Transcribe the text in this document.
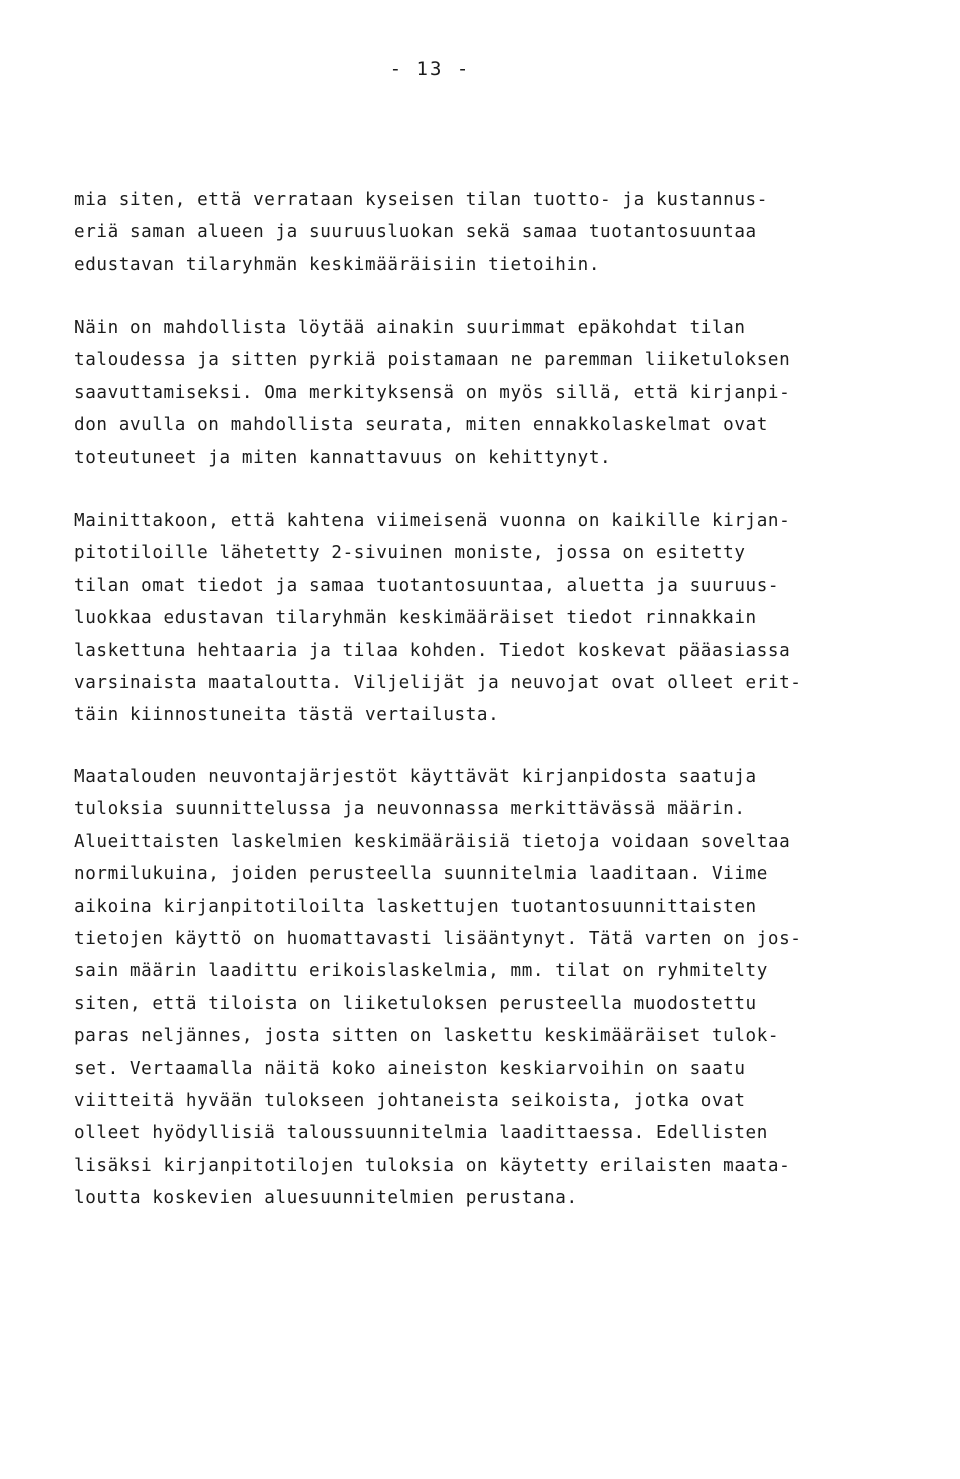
- 13 -
mia siten, että verrataan kyseisen tilan tuotto- ja kustannus-
eriä saman alueen ja suuruusluokan sekä samaa tuotantosuuntaa
edustavan tilaryhmän keskimääräisiin tietoihin.
Näin on mahdollista löytää ainakin suurimmat epäkohdat tilan
taloudessa ja sitten pyrkiä poistamaan ne paremman liiketuloksen
saavuttamiseksi. Oma merkityksensä on myös sillä, että kirjanpi-
don avulla on mahdollista seurata, miten ennakkolaskelmat ovat
toteutuneet ja miten kannattavuus on kehittynyt.
Mainittakoon, että kahtena viimeisenä vuonna on kaikille kirjan-
pitotiloille lähetetty 2-sivuinen moniste, jossa on esitetty
tilan omat tiedot ja samaa tuotantosuuntaa, aluetta ja suuruus-
luokkaa edustavan tilaryhmän keskimääräiset tiedot rinnakkain
laskettuna hehtaaria ja tilaa kohden. Tiedot koskevat pääasiassa
varsinaista maataloutta. Viljelijät ja neuvojat ovat olleet erit-
täin kiinnostuneita tästä vertailusta.
Maatalouden neuvontajärjestöt käyttävät kirjanpidosta saatuja
tuloksia suunnittelussa ja neuvonnassa merkittävässä määrin.
Alueittaisten laskelmien keskimääräisiä tietoja voidaan soveltaa
normilukuina, joiden perusteella suunnitelmia laaditaan. Viime
aikoina kirjanpitotiloilta laskettujen tuotantosuunnittaisten
tietojen käyttö on huomattavasti lisääntynyt. Tätä varten on jos-
sain määrin laadittu erikoislaskelmia, mm. tilat on ryhmitelty
siten, että tiloista on liiketuloksen perusteella muodostettu
paras neljännes, josta sitten on laskettu keskimääräiset tulok-
set. Vertaamalla näitä koko aineiston keskiarvoihin on saatu
viitteitä hyvään tulokseen johtaneista seikoista, jotka ovat
olleet hyödyllisiä taloussuunnitelmia laadittaessa. Edellisten
lisäksi kirjanpitotilojen tuloksia on käytetty erilaisten maata-
loutta koskevien aluesuunnitelmien perustana.
